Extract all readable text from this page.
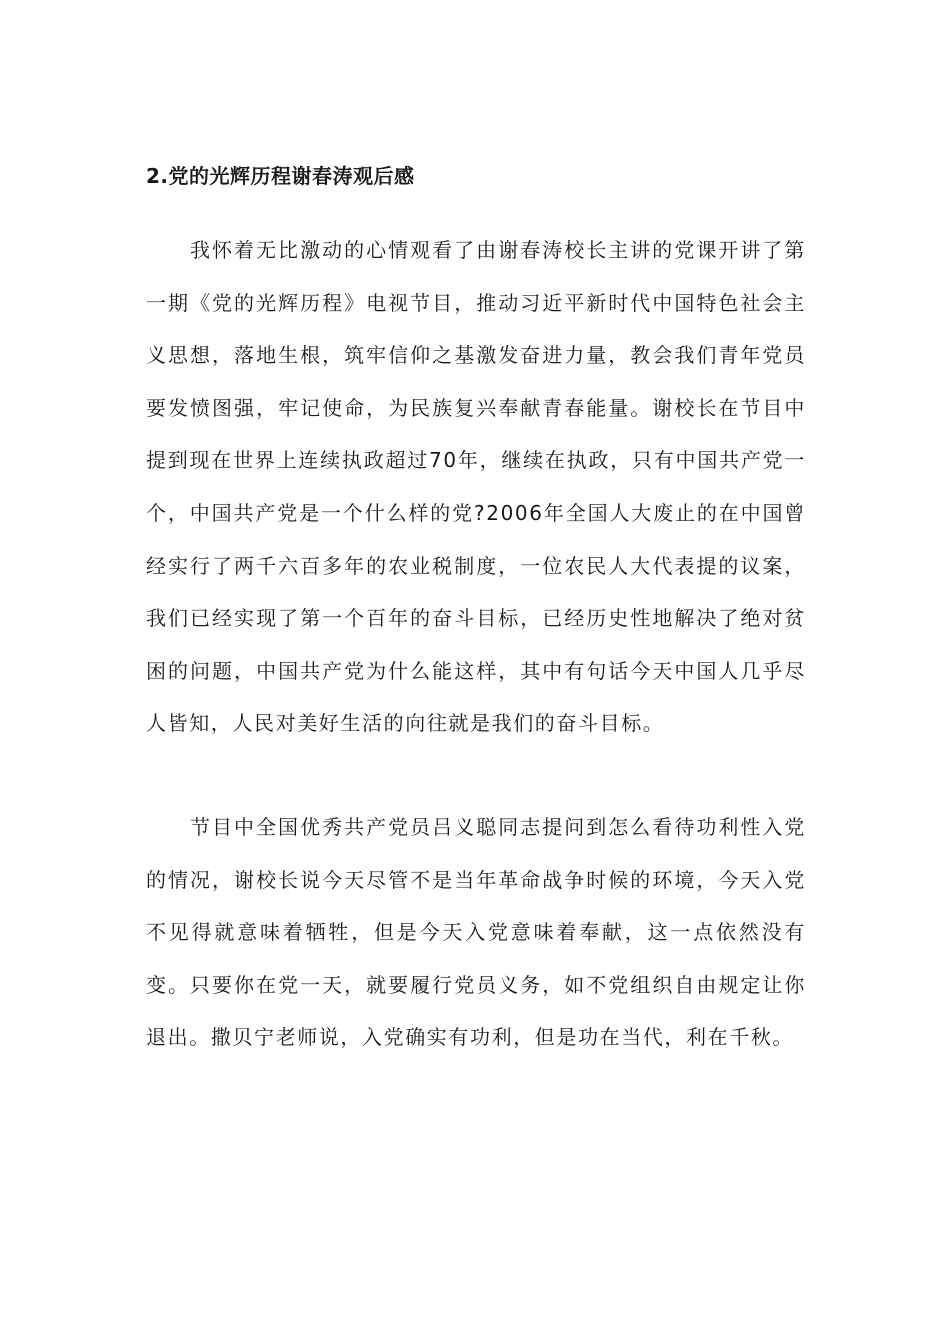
2.党的光辉历程谢春涛观后感

我怀着无比激动的心情观看了由谢春涛校长主讲的党课开讲了第一期《党的光辉历程》电视节目，推动习近平新时代中国特色社会主义思想，落地生根，筑牢信仰之基激发奋进力量，教会我们青年党员要发愤图强，牢记使命，为民族复兴奉献青春能量。谢校长在节目中提到现在世界上连续执政超过70年，继续在执政，只有中国共产党一个，中国共产党是一个什么样的党?2006年全国人大废止的在中国曾经实行了两千六百多年的农业税制度，一位农民人大代表提的议案，我们已经实现了第一个百年的奋斗目标，已经历史性地解决了绝对贫困的问题，中国共产党为什么能这样，其中有句话今天中国人几乎尽人皆知，人民对美好生活的向往就是我们的奋斗目标。

节目中全国优秀共产党员吕义聪同志提问到怎么看待功利性入党的情况，谢校长说今天尽管不是当年革命战争时候的环境，今天入党不见得就意味着牺牲，但是今天入党意味着奉献，这一点依然没有变。只要你在党一天，就要履行党员义务，如不党组织自由规定让你退出。撒贝宁老师说，入党确实有功利，但是功在当代，利在千秋。
